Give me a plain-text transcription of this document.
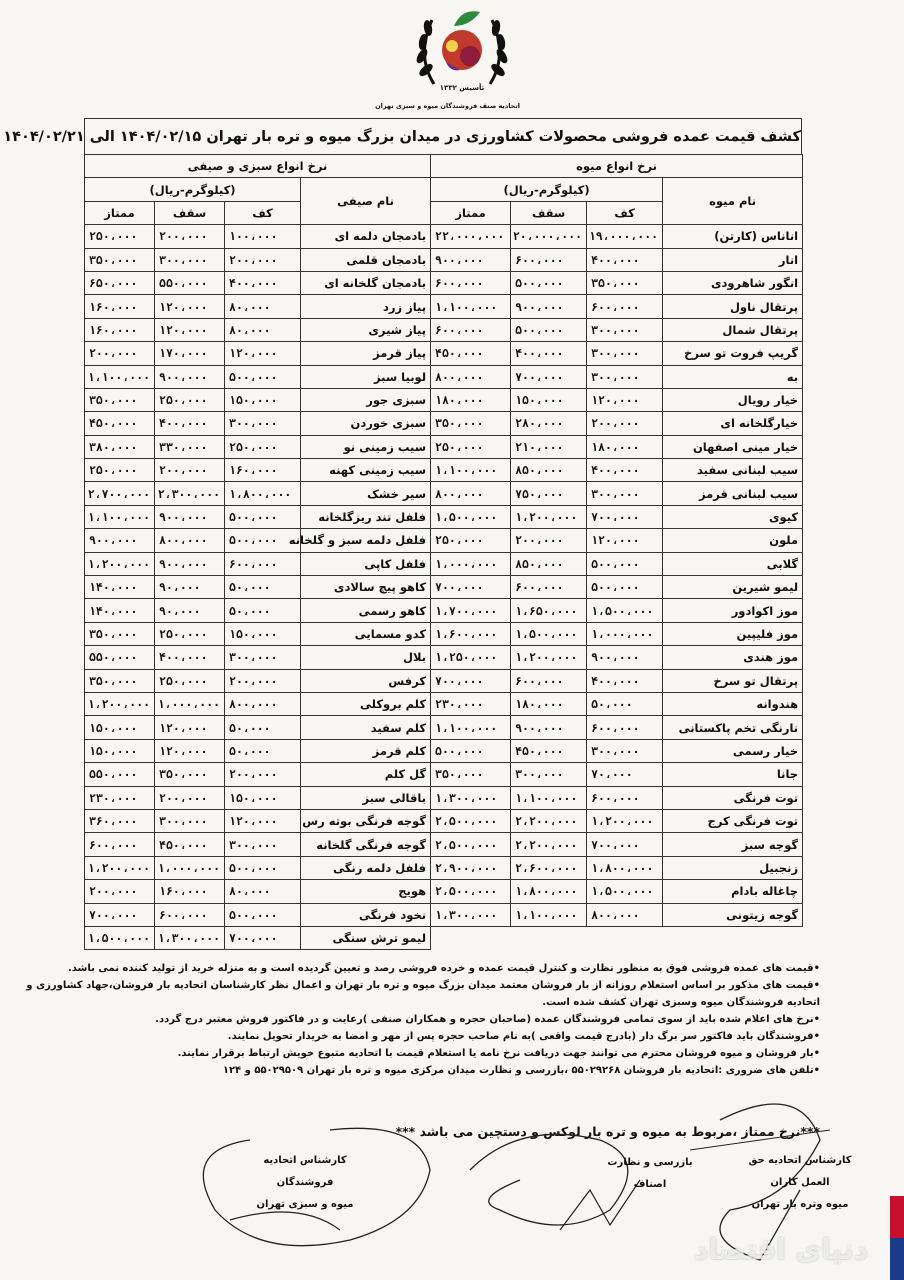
تأسیس ۱۳۳۲
اتحادیه صنف فروشندگان میوه و سبزی تهران
کشف قیمت عمده فروشی محصولات کشاورزی در میدان بزرگ میوه و تره بار تهران ۱۴۰۴/۰۲/۱۵ الی ۱۴۰۴/۰۲/۲۱
نرخ انواع میوه				نرخ انواع سبزی و صیفی			
نام میوه	(کیلوگرم-ریال)			نام صیفی	(کیلوگرم-ریال)		
	کف	سقف	ممتاز		کف	سقف	ممتاز
اناناس (کارتن)	۱۹،۰۰۰،۰۰۰	۲۰،۰۰۰،۰۰۰	۲۲،۰۰۰،۰۰۰	بادمجان دلمه ای	۱۰۰،۰۰۰	۲۰۰،۰۰۰	۲۵۰،۰۰۰
انار	۴۰۰،۰۰۰	۶۰۰،۰۰۰	۹۰۰،۰۰۰	بادمجان قلمی	۲۰۰،۰۰۰	۳۰۰،۰۰۰	۳۵۰،۰۰۰
انگور شاهرودی	۳۵۰،۰۰۰	۵۰۰،۰۰۰	۶۰۰،۰۰۰	بادمجان گلخانه ای	۴۰۰،۰۰۰	۵۵۰،۰۰۰	۶۵۰،۰۰۰
پرتقال ناول	۶۰۰،۰۰۰	۹۰۰،۰۰۰	۱،۱۰۰،۰۰۰	پیاز زرد	۸۰،۰۰۰	۱۲۰،۰۰۰	۱۶۰،۰۰۰
پرتقال شمال	۳۰۰،۰۰۰	۵۰۰،۰۰۰	۶۰۰،۰۰۰	پیاز شیری	۸۰،۰۰۰	۱۲۰،۰۰۰	۱۶۰،۰۰۰
گریپ فروت تو سرخ	۳۰۰،۰۰۰	۴۰۰،۰۰۰	۴۵۰،۰۰۰	پیاز قرمز	۱۲۰،۰۰۰	۱۷۰،۰۰۰	۲۰۰،۰۰۰
به	۳۰۰،۰۰۰	۷۰۰،۰۰۰	۸۰۰،۰۰۰	لوبیا سبز	۵۰۰،۰۰۰	۹۰۰،۰۰۰	۱،۱۰۰،۰۰۰
خیار رویال	۱۲۰،۰۰۰	۱۵۰،۰۰۰	۱۸۰،۰۰۰	سبزی جور	۱۵۰،۰۰۰	۲۵۰،۰۰۰	۳۵۰،۰۰۰
خیارگلخانه ای	۲۰۰،۰۰۰	۲۸۰،۰۰۰	۳۵۰،۰۰۰	سبزی خوردن	۳۰۰،۰۰۰	۴۰۰،۰۰۰	۴۵۰،۰۰۰
خیار مینی اصفهان	۱۸۰،۰۰۰	۲۱۰،۰۰۰	۲۵۰،۰۰۰	سیب زمینی نو	۲۵۰،۰۰۰	۳۳۰،۰۰۰	۳۸۰،۰۰۰
سیب لبنانی سفید	۴۰۰،۰۰۰	۸۵۰،۰۰۰	۱،۱۰۰،۰۰۰	سیب زمینی کهنه	۱۶۰،۰۰۰	۲۰۰،۰۰۰	۲۵۰،۰۰۰
سیب لبنانی قرمز	۳۰۰،۰۰۰	۷۵۰،۰۰۰	۸۰۰،۰۰۰	سیر خشک	۱،۸۰۰،۰۰۰	۲،۳۰۰،۰۰۰	۲،۷۰۰،۰۰۰
کیوی	۷۰۰،۰۰۰	۱،۲۰۰،۰۰۰	۱،۵۰۰،۰۰۰	فلفل تند ریزگلخانه	۵۰۰،۰۰۰	۹۰۰،۰۰۰	۱،۱۰۰،۰۰۰
ملون	۱۲۰،۰۰۰	۲۰۰،۰۰۰	۲۵۰،۰۰۰	فلفل دلمه سبز و گلخانه	۵۰۰،۰۰۰	۸۰۰،۰۰۰	۹۰۰،۰۰۰
گلابی	۵۰۰،۰۰۰	۸۵۰،۰۰۰	۱،۰۰۰،۰۰۰	فلفل کاپی	۶۰۰،۰۰۰	۹۰۰،۰۰۰	۱،۲۰۰،۰۰۰
لیمو شیرین	۵۰۰،۰۰۰	۶۰۰،۰۰۰	۷۰۰،۰۰۰	کاهو پیچ سالادی	۵۰،۰۰۰	۹۰،۰۰۰	۱۴۰،۰۰۰
موز اکوادور	۱،۵۰۰،۰۰۰	۱،۶۵۰،۰۰۰	۱،۷۰۰،۰۰۰	کاهو رسمی	۵۰،۰۰۰	۹۰،۰۰۰	۱۴۰،۰۰۰
موز فلیپین	۱،۰۰۰،۰۰۰	۱،۵۰۰،۰۰۰	۱،۶۰۰،۰۰۰	کدو مسمایی	۱۵۰،۰۰۰	۲۵۰،۰۰۰	۳۵۰،۰۰۰
موز هندی	۹۰۰،۰۰۰	۱،۲۰۰،۰۰۰	۱،۲۵۰،۰۰۰	بلال	۳۰۰،۰۰۰	۴۰۰،۰۰۰	۵۵۰،۰۰۰
پرتقال تو سرخ	۴۰۰،۰۰۰	۶۰۰،۰۰۰	۷۰۰،۰۰۰	کرفس	۲۰۰،۰۰۰	۲۵۰،۰۰۰	۳۵۰،۰۰۰
هندوانه	۵۰،۰۰۰	۱۸۰،۰۰۰	۲۳۰،۰۰۰	کلم بروکلی	۸۰۰،۰۰۰	۱،۰۰۰،۰۰۰	۱،۲۰۰،۰۰۰
نارنگی تخم پاکستانی	۶۰۰،۰۰۰	۹۰۰،۰۰۰	۱،۱۰۰،۰۰۰	کلم سفید	۵۰،۰۰۰	۱۲۰،۰۰۰	۱۵۰،۰۰۰
خیار رسمی	۳۰۰،۰۰۰	۴۵۰،۰۰۰	۵۰۰،۰۰۰	کلم قرمز	۵۰،۰۰۰	۱۲۰،۰۰۰	۱۵۰،۰۰۰
جانا	۷۰،۰۰۰	۳۰۰،۰۰۰	۳۵۰،۰۰۰	گل کلم	۲۰۰،۰۰۰	۳۵۰،۰۰۰	۵۵۰،۰۰۰
توت فرنگی	۶۰۰،۰۰۰	۱،۱۰۰،۰۰۰	۱،۳۰۰،۰۰۰	باقالی سبز	۱۵۰،۰۰۰	۲۰۰،۰۰۰	۲۳۰،۰۰۰
توت فرنگی کرج	۱،۲۰۰،۰۰۰	۲،۲۰۰،۰۰۰	۲،۵۰۰،۰۰۰	گوجه فرنگی بوته رس	۱۲۰،۰۰۰	۳۰۰،۰۰۰	۳۶۰،۰۰۰
گوجه سبز	۷۰۰،۰۰۰	۲،۲۰۰،۰۰۰	۲،۵۰۰،۰۰۰	گوجه فرنگی گلخانه	۳۰۰،۰۰۰	۴۵۰،۰۰۰	۶۰۰،۰۰۰
زنجبیل	۱،۸۰۰،۰۰۰	۲،۶۰۰،۰۰۰	۲،۹۰۰،۰۰۰	فلفل دلمه رنگی	۵۰۰،۰۰۰	۱،۰۰۰،۰۰۰	۱،۲۰۰،۰۰۰
چاغاله بادام	۱،۵۰۰،۰۰۰	۱،۸۰۰،۰۰۰	۲،۵۰۰،۰۰۰	هویج	۸۰،۰۰۰	۱۶۰،۰۰۰	۲۰۰،۰۰۰
گوجه زیتونی	۸۰۰،۰۰۰	۱،۱۰۰،۰۰۰	۱،۳۰۰،۰۰۰	نخود فرنگی	۵۰۰،۰۰۰	۶۰۰،۰۰۰	۷۰۰،۰۰۰
				لیمو ترش سنگی	۷۰۰،۰۰۰	۱،۳۰۰،۰۰۰	۱،۵۰۰،۰۰۰
•قیمت های عمده فروشی فوق به منظور نظارت و کنترل قیمت عمده و خرده فروشی رصد و تعیین گردیده است و به منزله خرید از تولید کننده نمی باشد.
•قیمت های مذکور بر اساس استعلام روزانه از بار فروشان معتمد میدان بزرگ میوه و تره بار تهران و اعمال نظر کارشناسان اتحادیه بار فروشان،جهاد کشاورزی و
اتحادیه فروشندگان میوه وسبزی تهران کشف شده است.
•نرخ های اعلام شده باید از سوی تمامی فروشندگان عمده (صاحبان حجره و همکاران صنفی )رعایت و در فاکتور فروش معتبر درج گردد.
•فروشندگان باید فاکتور سر برگ دار (بادرج قیمت واقعی )به نام صاحب حجره پس از مهر و امضا به خریدار تحویل نمایند.
•بار فروشان و میوه فروشان محترم می توانند جهت دریافت نرخ نامه یا استعلام قیمت با اتحادیه متبوع خویش ارتباط برقرار نمایند.
•تلفن های ضروری :اتحادیه بار فروشان ۵۵۰۲۹۲۶۸ ،بازرسی و نظارت میدان مرکزی میوه و تره بار تهران ۵۵۰۲۹۵۰۹ و ۱۲۴
***نرخ ممتاز ،مربوط به میوه و تره بار لوکس و دستچین می باشد ***
کارشناس اتحادیه فروشندگان
میوه و سبزی تهران
بازرسی و نظارت اصناف
کارشناس اتحادیه حق العمل کاران
میوه وتره بار تهران
دنیای اقتصاد
